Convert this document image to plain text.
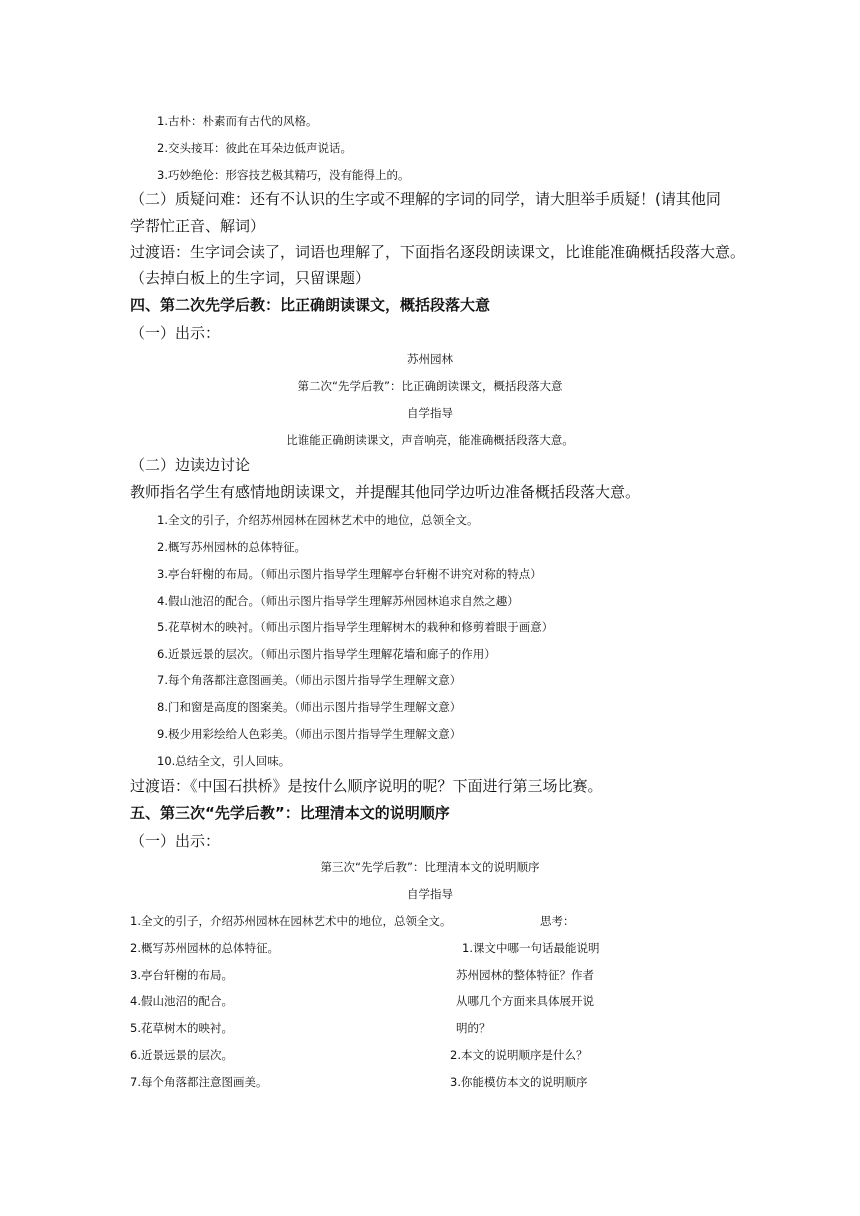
1.古朴：朴素而有古代的风格。
2.交头接耳：彼此在耳朵边低声说话。
3.巧妙绝伦：形容技艺极其精巧，没有能得上的。
（二）质疑问难：还有不认识的生字或不理解的字词的同学，请大胆举手质疑！(请其他同
学帮忙正音、解词）
过渡语：生字词会读了，词语也理解了，下面指名逐段朗读课文，比谁能准确概括段落大意。
（去掉白板上的生字词，只留课题）
四、第二次先学后教：比正确朗读课文，概括段落大意
（一）出示：
苏州园林
第二次“先学后教”：比正确朗读课文，概括段落大意
自学指导
比谁能正确朗读课文，声音响亮，能准确概括段落大意。
（二）边读边讨论
教师指名学生有感情地朗读课文，并提醒其他同学边听边准备概括段落大意。
1.全文的引子，介绍苏州园林在园林艺术中的地位，总领全文。
2.概写苏州园林的总体特征。
3.亭台轩榭的布局。（师出示图片指导学生理解亭台轩榭不讲究对称的特点）
4.假山池沼的配合。（师出示图片指导学生理解苏州园林追求自然之趣）
5.花草树木的映衬。（师出示图片指导学生理解树木的栽种和修剪着眼于画意）
6.近景远景的层次。（师出示图片指导学生理解花墙和廊子的作用）
7.每个角落都注意图画美。（师出示图片指导学生理解文意）
8.门和窗是高度的图案美。（师出示图片指导学生理解文意）
9.极少用彩绘给人色彩美。（师出示图片指导学生理解文意）
10.总结全文，引人回味。
过渡语：《中国石拱桥》是按什么顺序说明的呢？下面进行第三场比赛。
五、第三次“先学后教”：比理清本文的说明顺序
（一）出示：
第三次“先学后教”：比理清本文的说明顺序
自学指导
1.全文的引子，介绍苏州园林在园林艺术中的地位，总领全文。
2.概写苏州园林的总体特征。
3.亭台轩榭的布局。
4.假山池沼的配合。
5.花草树木的映衬。
6.近景远景的层次。
7.每个角落都注意图画美。
思考：
1.课文中哪一句话最能说明
苏州园林的整体特征？作者
从哪几个方面来具体展开说
明的？
2.本文的说明顺序是什么？
3.你能模仿本文的说明顺序
